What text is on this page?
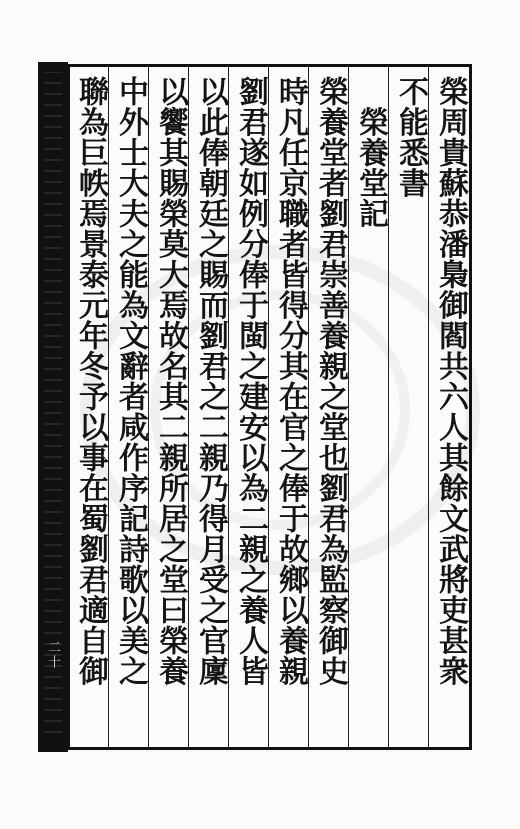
二十	榮周貴蘇恭潘梟御閻共六人其餘文武將吏甚衆
不能悉書
　榮養堂記
榮養堂者劉君崇善養親之堂也劉君為監察御史
時凡任京職者皆得分其在官之俸于故鄉以養親
劉君遂如例分俸于閩之建安以為二親之養人皆
以此俸朝廷之賜而劉君之二親乃得月受之官廩
以饗其賜榮莫大焉故名其二親所居之堂曰榮養
中外士大夫之能為文辭者咸作序記詩歌以美之
聯為巨帙焉景泰元年冬予以事在蜀劉君適自御
